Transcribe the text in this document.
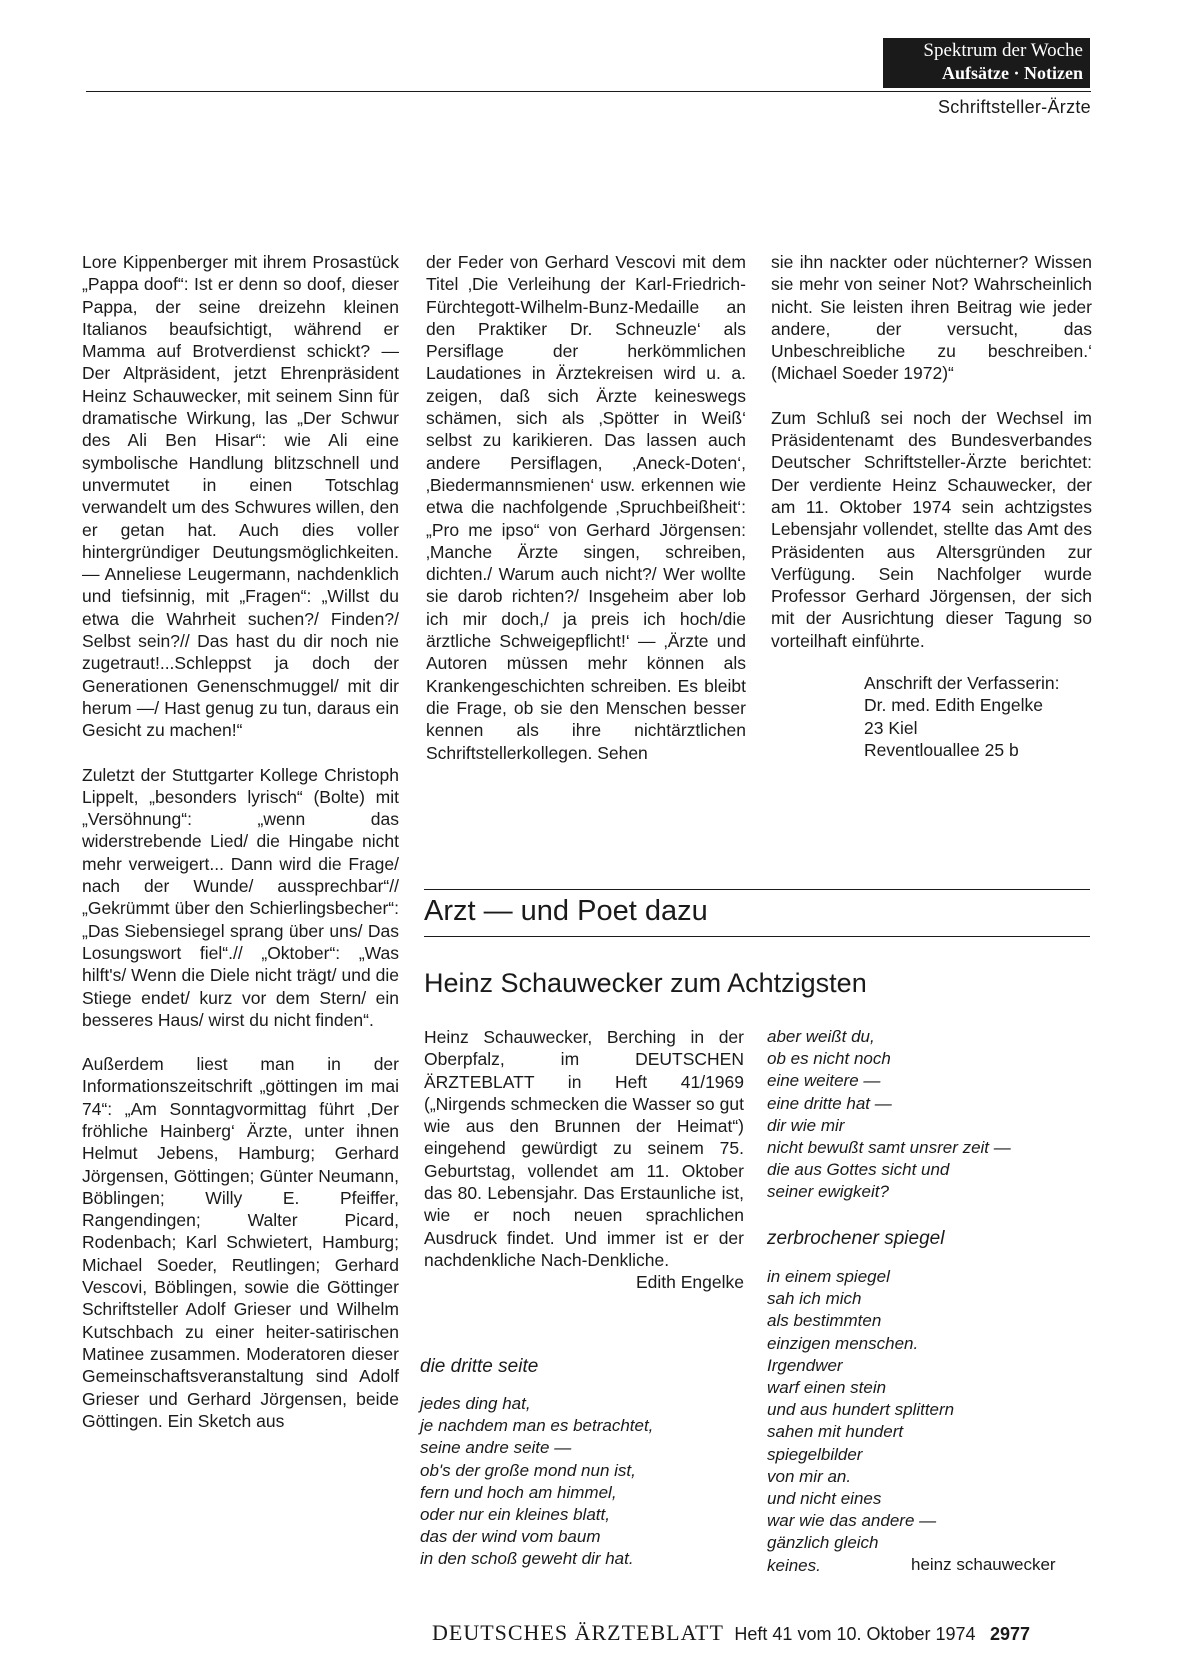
Spektrum der Woche
Aufsätze · Notizen
Schriftsteller-Ärzte

Lore Kippenberger mit ihrem Prosastück „Pappa doof“: Ist er denn so doof, dieser Pappa, der seine dreizehn kleinen Italianos beaufsichtigt, während er Mamma auf Brotverdienst schickt? — Der Altpräsident, jetzt Ehrenpräsident Heinz Schauwecker, mit seinem Sinn für dramatische Wirkung, las „Der Schwur des Ali Ben Hisar“: wie Ali eine symbolische Handlung blitzschnell und unvermutet in einen Totschlag verwandelt um des Schwures willen, den er getan hat. Auch dies voller hintergründiger Deutungsmöglichkeiten. — Anneliese Leugermann, nachdenklich und tiefsinnig, mit „Fragen“: „Willst du etwa die Wahrheit suchen?/ Finden?/ Selbst sein?// Das hast du dir noch nie zugetraut!...Schleppst ja doch der Generationen Genenschmuggel/ mit dir herum —/ Hast genug zu tun, daraus ein Gesicht zu machen!“

Zuletzt der Stuttgarter Kollege Christoph Lippelt, „besonders lyrisch“ (Bolte) mit „Versöhnung“: „wenn das widerstrebende Lied/ die Hingabe nicht mehr verweigert... Dann wird die Frage/ nach der Wunde/ aussprechbar“// „Gekrümmt über den Schierlingsbecher“: „Das Siebensiegel sprang über uns/ Das Losungswort fiel“.// „Oktober“: „Was hilft's/ Wenn die Diele nicht trägt/ und die Stiege endet/ kurz vor dem Stern/ ein besseres Haus/ wirst du nicht finden“.

Außerdem liest man in der Informationszeitschrift „göttingen im mai 74“: „Am Sonntagvormittag führt ‚Der fröhliche Hainberg‘ Ärzte, unter ihnen Helmut Jebens, Hamburg; Gerhard Jörgensen, Göttingen; Günter Neumann, Böblingen; Willy E. Pfeiffer, Rangendingen; Walter Picard, Rodenbach; Karl Schwietert, Hamburg; Michael Soeder, Reutlingen; Gerhard Vescovi, Böblingen, sowie die Göttinger Schriftsteller Adolf Grieser und Wilhelm Kutschbach zu einer heiter-satirischen Matinee zusammen. Moderatoren dieser Gemeinschaftsveranstaltung sind Adolf Grieser und Gerhard Jörgensen, beide Göttingen. Ein Sketch aus

der Feder von Gerhard Vescovi mit dem Titel ‚Die Verleihung der Karl-Friedrich-Fürchtegott-Wilhelm-Bunz-Medaille an den Praktiker Dr. Schneuzle‘ als Persiflage der herkömmlichen Laudationes in Ärztekreisen wird u. a. zeigen, daß sich Ärzte keineswegs schämen, sich als ‚Spötter in Weiß‘ selbst zu karikieren. Das lassen auch andere Persiflagen, ‚Aneck-Doten‘, ‚Biedermannsmienen‘ usw. erkennen wie etwa die nachfolgende ‚Spruchbeißheit‘: „Pro me ipso“ von Gerhard Jörgensen: ‚Manche Ärzte singen, schreiben, dichten./ Warum auch nicht?/ Wer wollte sie darob richten?/ Insgeheim aber lob ich mir doch,/ ja preis ich hoch/die ärztliche Schweigepflicht!‘ — ‚Ärzte und Autoren müssen mehr können als Krankengeschichten schreiben. Es bleibt die Frage, ob sie den Menschen besser kennen als ihre nichtärztlichen Schriftstellerkollegen. Sehen

sie ihn nackter oder nüchterner? Wissen sie mehr von seiner Not? Wahrscheinlich nicht. Sie leisten ihren Beitrag wie jeder andere, der versucht, das Unbeschreibliche zu beschreiben.‘ (Michael Soeder 1972)“

Zum Schluß sei noch der Wechsel im Präsidentenamt des Bundesverbandes Deutscher Schriftsteller-Ärzte berichtet: Der verdiente Heinz Schauwecker, der am 11. Oktober 1974 sein achtzigstes Lebensjahr vollendet, stellte das Amt des Präsidenten aus Altersgründen zur Verfügung. Sein Nachfolger wurde Professor Gerhard Jörgensen, der sich mit der Ausrichtung dieser Tagung so vorteilhaft einführte.

Anschrift der Verfasserin:
Dr. med. Edith Engelke
23 Kiel
Reventlouallee 25 b
Arzt — und Poet dazu
Heinz Schauwecker zum Achtzigsten

Heinz Schauwecker, Berching in der Oberpfalz, im DEUTSCHEN ÄRZTEBLATT in Heft 41/1969 („Nirgends schmecken die Wasser so gut wie aus den Brunnen der Heimat“) eingehend gewürdigt zu seinem 75. Geburtstag, vollendet am 11. Oktober das 80. Lebensjahr. Das Erstaunliche ist, wie er noch neuen sprachlichen Ausdruck findet. Und immer ist er der nachdenkliche Nach-Denkliche.

Edith Engelke

die dritte seite
jedes ding hat,
je nachdem man es betrachtet,
seine andre seite —
ob's der große mond nun ist,
fern und hoch am himmel,
oder nur ein kleines blatt,
das der wind vom baum
in den schoß geweht dir hat.
aber weißt du,
ob es nicht noch
eine weitere —
eine dritte hat —
dir wie mir
nicht bewußt samt unsrer zeit —
die aus Gottes sicht und
seiner ewigkeit?
zerbrochener spiegel
in einem spiegel
sah ich mich
als bestimmten
einzigen menschen.
Irgendwer
warf einen stein
und aus hundert splittern
sahen mit hundert
spiegelbilder
von mir an.
und nicht eines
war wie das andere —
gänzlich gleich
keines.	heinz schauwecker
DEUTSCHES ÄRZTEBLATT Heft 41 vom 10. Oktober 1974 2977
